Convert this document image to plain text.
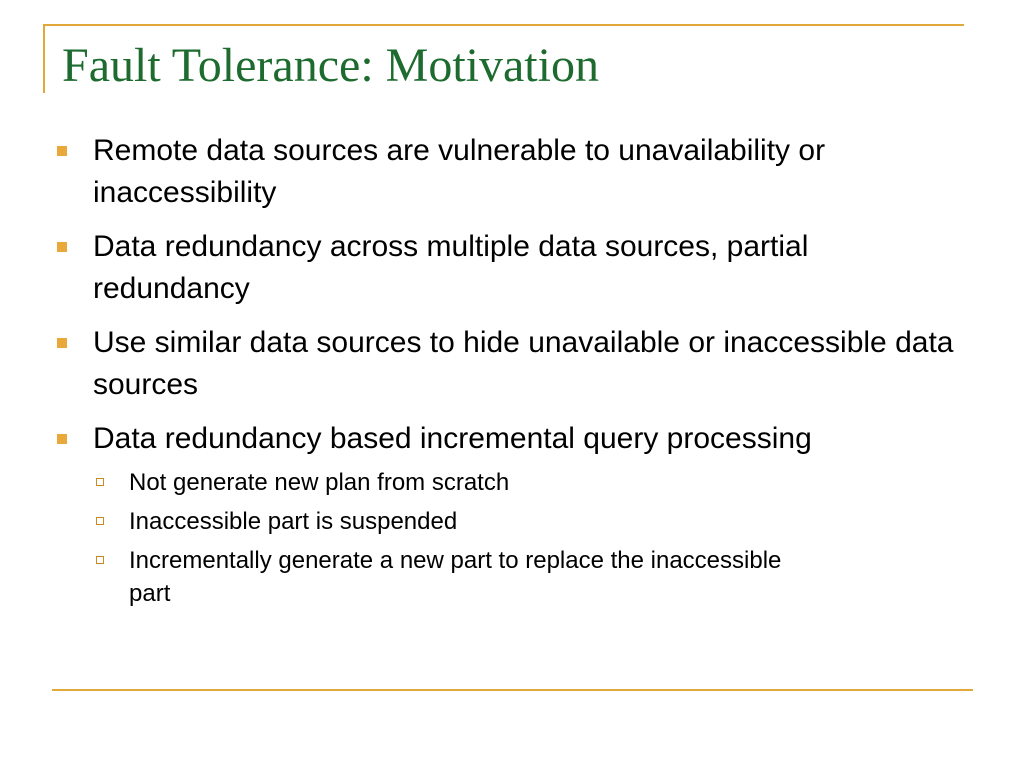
Fault Tolerance: Motivation
Remote data sources are vulnerable to unavailability or inaccessibility
Data redundancy across multiple data sources, partial redundancy
Use similar data sources to hide unavailable or inaccessible data sources
Data redundancy based incremental query processing
Not generate new plan from scratch
Inaccessible part is suspended
Incrementally generate a new part to replace the inaccessible part
